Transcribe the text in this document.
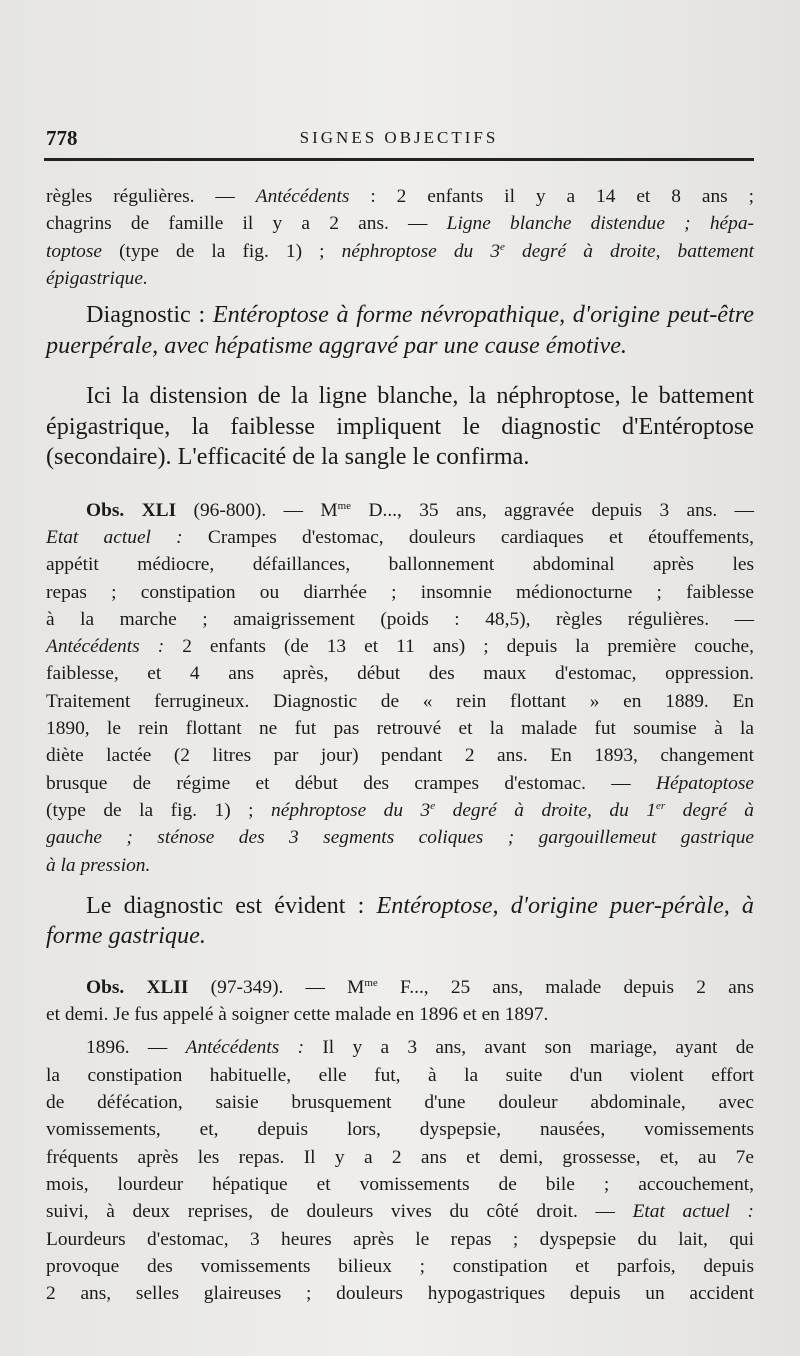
778	SIGNES OBJECTIFS

règles régulières. — Antécédents : 2 enfants il y a 14 et 8 ans ;

chagrins de famille il y a 2 ans. — Ligne blanche distendue ; hépa-

toptose (type de la fig. 1) ; néphroptose du 3e degré à droite, battement

épigastrique.

Diagnostic : Entéroptose à forme névropathique, d'origine peut-être puerpérale, avec hépatisme aggravé par une cause émotive.

Ici la distension de la ligne blanche, la néphroptose, le battement épigastrique, la faiblesse impliquent le diagnostic d'Entéroptose (secondaire). L'efficacité de la sangle le confirma.

Obs. XLI (96-800). — $M^{me}$ D..., 35 ans, aggravée depuis 3 ans. —

Etat actuel : Crampes d'estomac, douleurs cardiaques et étouffements,

appétit médiocre, défaillances, ballonnement abdominal après les

repas ; constipation ou diarrhée ; insomnie médionocturne ; faiblesse

à la marche ; amaigrissement (poids : 48,5), règles régulières. —

Antécédents : 2 enfants (de 13 et 11 ans) ; depuis la première couche,

faiblesse, et 4 ans après, début des maux d'estomac, oppression.

Traitement ferrugineux. Diagnostic de « rein flottant » en 1889. En

1890, le rein flottant ne fut pas retrouvé et la malade fut soumise à la

diète lactée (2 litres par jour) pendant 2 ans. En 1893, changement

brusque de régime et début des crampes d'estomac. — Hépatoptose

(type de la fig. 1) ; néphroptose du 3e degré à droite, du 1er degré à

gauche ; sténose des 3 segments coliques ; gargouillemeut gastrique

à la pression.

Le diagnostic est évident : Entéroptose, d'origine puer-péràle, à forme gastrique.

Obs. XLII (97-349). — $M^{me}$ F..., 25 ans, malade depuis 2 ans

et demi. Je fus appelé à soigner cette malade en 1896 et en 1897.

1896. — Antécédents : Il y a 3 ans, avant son mariage, ayant de

la constipation habituelle, elle fut, à la suite d'un violent effort

de défécation, saisie brusquement d'une douleur abdominale, avec

vomissements, et, depuis lors, dyspepsie, nausées, vomissements

fréquents après les repas. Il y a 2 ans et demi, grossesse, et, au 7e

mois, lourdeur hépatique et vomissements de bile ; accouchement,

suivi, à deux reprises, de douleurs vives du côté droit. — Etat actuel :

Lourdeurs d'estomac, 3 heures après le repas ; dyspepsie du lait, qui

provoque des vomissements bilieux ; constipation et parfois, depuis

2 ans, selles glaireuses ; douleurs hypogastriques depuis un accident
